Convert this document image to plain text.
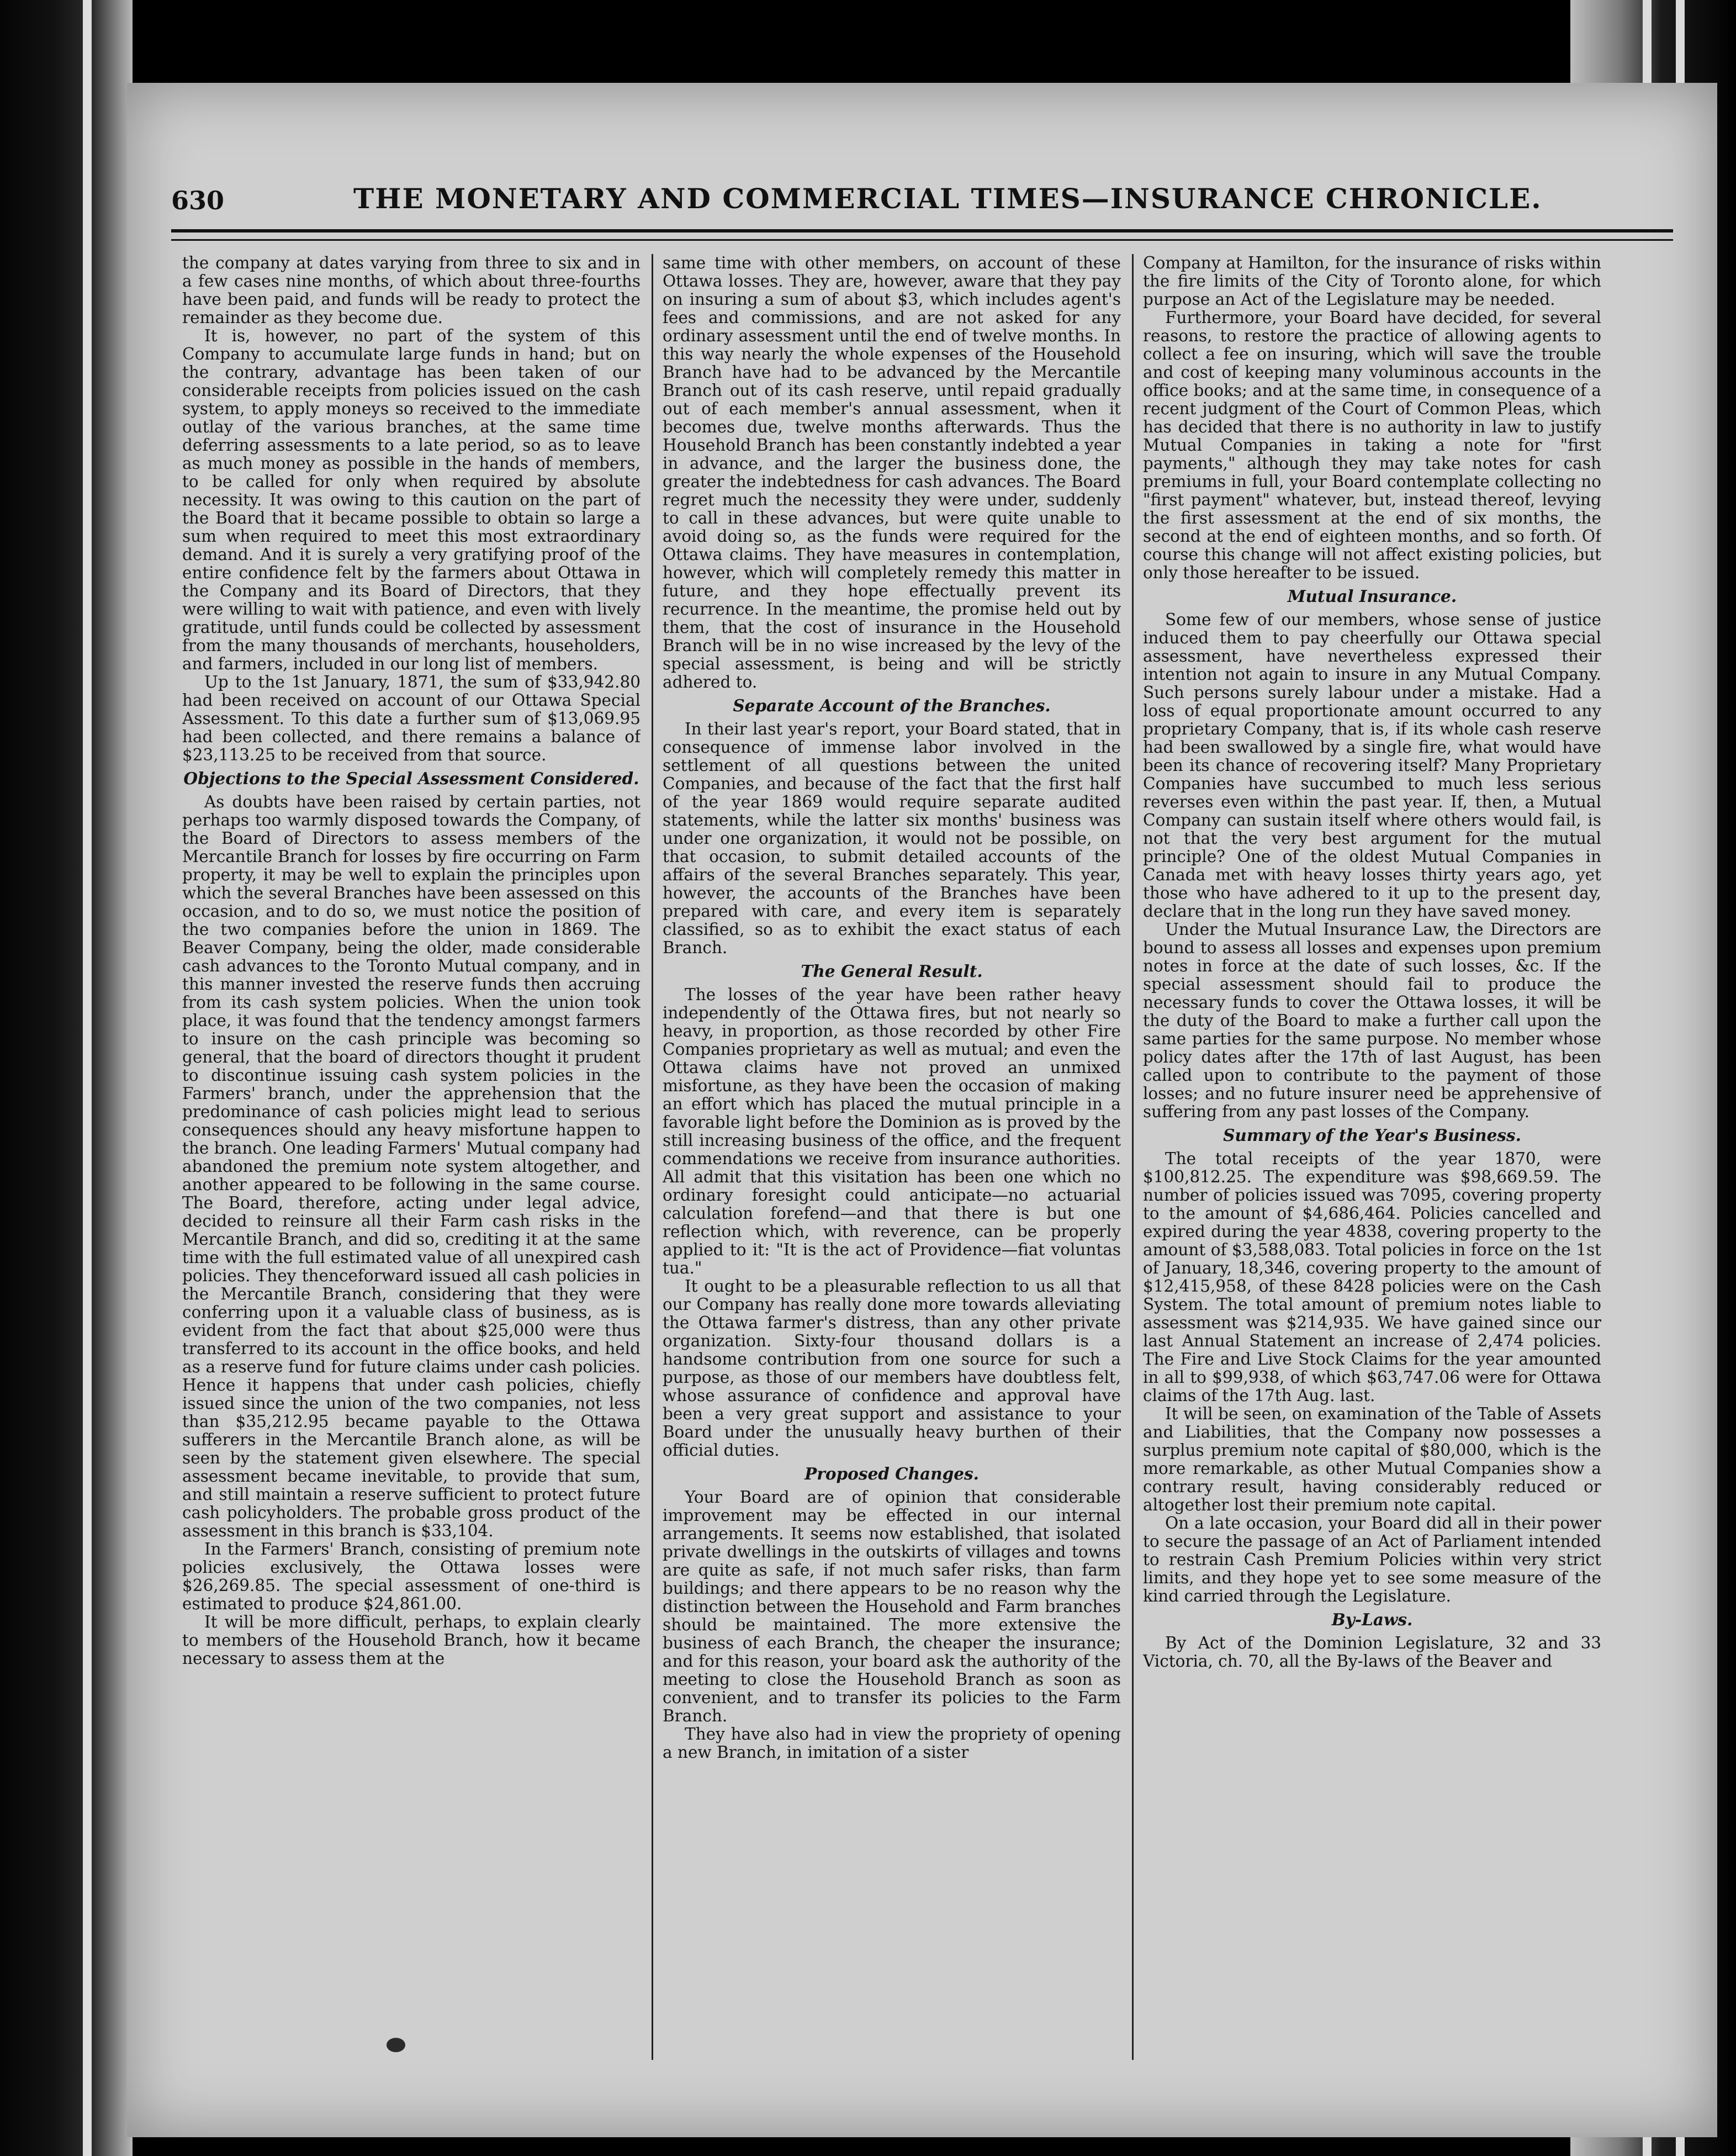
630	THE MONETARY AND COMMERCIAL TIMES—INSURANCE CHRONICLE.

the company at dates varying from three to six and in a few cases nine months, of which about three-fourths have been paid, and funds will be ready to protect the remainder as they become due.

It is, however, no part of the system of this Company to accumulate large funds in hand; but on the contrary, advantage has been taken of our considerable receipts from policies issued on the cash system, to apply moneys so received to the immediate outlay of the various branches, at the same time deferring assessments to a late period, so as to leave as much money as possible in the hands of members, to be called for only when required by absolute necessity. It was owing to this caution on the part of the Board that it became possible to obtain so large a sum when required to meet this most extraordinary demand. And it is surely a very gratifying proof of the entire confidence felt by the farmers about Ottawa in the Company and its Board of Directors, that they were willing to wait with patience, and even with lively gratitude, until funds could be collected by assessment from the many thousands of merchants, householders, and farmers, included in our long list of members.

Up to the 1st January, 1871, the sum of $33,942.80 had been received on account of our Ottawa Special Assessment. To this date a further sum of $13,069.95 had been collected, and there remains a balance of $23,113.25 to be received from that source.

Objections to the Special Assessment Considered.

As doubts have been raised by certain parties, not perhaps too warmly disposed towards the Company, of the Board of Directors to assess members of the Mercantile Branch for losses by fire occurring on Farm property, it may be well to explain the principles upon which the several Branches have been assessed on this occasion, and to do so, we must notice the position of the two companies before the union in 1869. The Beaver Company, being the older, made considerable cash advances to the Toronto Mutual company, and in this manner invested the reserve funds then accruing from its cash system policies. When the union took place, it was found that the tendency amongst farmers to insure on the cash principle was becoming so general, that the board of directors thought it prudent to discontinue issuing cash system policies in the Farmers' branch, under the apprehension that the predominance of cash policies might lead to serious consequences should any heavy misfortune happen to the branch. One leading Farmers' Mutual company had abandoned the premium note system altogether, and another appeared to be following in the same course. The Board, therefore, acting under legal advice, decided to reinsure all their Farm cash risks in the Mercantile Branch, and did so, crediting it at the same time with the full estimated value of all unexpired cash policies. They thenceforward issued all cash policies in the Mercantile Branch, considering that they were conferring upon it a valuable class of business, as is evident from the fact that about $25,000 were thus transferred to its account in the office books, and held as a reserve fund for future claims under cash policies. Hence it happens that under cash policies, chiefly issued since the union of the two companies, not less than $35,212.95 became payable to the Ottawa sufferers in the Mercantile Branch alone, as will be seen by the statement given elsewhere. The special assessment became inevitable, to provide that sum, and still maintain a reserve sufficient to protect future cash policyholders. The probable gross product of the assessment in this branch is $33,104.

In the Farmers' Branch, consisting of premium note policies exclusively, the Ottawa losses were $26,269.85. The special assessment of one-third is estimated to produce $24,861.00.

It will be more difficult, perhaps, to explain clearly to members of the Household Branch, how it became necessary to assess them at the

same time with other members, on account of these Ottawa losses. They are, however, aware that they pay on insuring a sum of about $3, which includes agent's fees and commissions, and are not asked for any ordinary assessment until the end of twelve months. In this way nearly the whole expenses of the Household Branch have had to be advanced by the Mercantile Branch out of its cash reserve, until repaid gradually out of each member's annual assessment, when it becomes due, twelve months afterwards. Thus the Household Branch has been constantly indebted a year in advance, and the larger the business done, the greater the indebtedness for cash advances. The Board regret much the necessity they were under, suddenly to call in these advances, but were quite unable to avoid doing so, as the funds were required for the Ottawa claims. They have measures in contemplation, however, which will completely remedy this matter in future, and they hope effectually prevent its recurrence. In the meantime, the promise held out by them, that the cost of insurance in the Household Branch will be in no wise increased by the levy of the special assessment, is being and will be strictly adhered to.

Separate Account of the Branches.

In their last year's report, your Board stated, that in consequence of immense labor involved in the settlement of all questions between the united Companies, and because of the fact that the first half of the year 1869 would require separate audited statements, while the latter six months' business was under one organization, it would not be possible, on that occasion, to submit detailed accounts of the affairs of the several Branches separately. This year, however, the accounts of the Branches have been prepared with care, and every item is separately classified, so as to exhibit the exact status of each Branch.

The General Result.

The losses of the year have been rather heavy independently of the Ottawa fires, but not nearly so heavy, in proportion, as those recorded by other Fire Companies proprietary as well as mutual; and even the Ottawa claims have not proved an unmixed misfortune, as they have been the occasion of making an effort which has placed the mutual principle in a favorable light before the Dominion as is proved by the still increasing business of the office, and the frequent commendations we receive from insurance authorities. All admit that this visitation has been one which no ordinary foresight could anticipate—no actuarial calculation forefend—and that there is but one reflection which, with reverence, can be properly applied to it: "It is the act of Providence—fiat voluntas tua."

It ought to be a pleasurable reflection to us all that our Company has really done more towards alleviating the Ottawa farmer's distress, than any other private organization. Sixty-four thousand dollars is a handsome contribution from one source for such a purpose, as those of our members have doubtless felt, whose assurance of confidence and approval have been a very great support and assistance to your Board under the unusually heavy burthen of their official duties.

Proposed Changes.

Your Board are of opinion that considerable improvement may be effected in our internal arrangements. It seems now established, that isolated private dwellings in the outskirts of villages and towns are quite as safe, if not much safer risks, than farm buildings; and there appears to be no reason why the distinction between the Household and Farm branches should be maintained. The more extensive the business of each Branch, the cheaper the insurance; and for this reason, your board ask the authority of the meeting to close the Household Branch as soon as convenient, and to transfer its policies to the Farm Branch.

They have also had in view the propriety of opening a new Branch, in imitation of a sister

Company at Hamilton, for the insurance of risks within the fire limits of the City of Toronto alone, for which purpose an Act of the Legislature may be needed.

Furthermore, your Board have decided, for several reasons, to restore the practice of allowing agents to collect a fee on insuring, which will save the trouble and cost of keeping many voluminous accounts in the office books; and at the same time, in consequence of a recent judgment of the Court of Common Pleas, which has decided that there is no authority in law to justify Mutual Companies in taking a note for "first payments," although they may take notes for cash premiums in full, your Board contemplate collecting no "first payment" whatever, but, instead thereof, levying the first assessment at the end of six months, the second at the end of eighteen months, and so forth. Of course this change will not affect existing policies, but only those hereafter to be issued.

Mutual Insurance.

Some few of our members, whose sense of justice induced them to pay cheerfully our Ottawa special assessment, have nevertheless expressed their intention not again to insure in any Mutual Company. Such persons surely labour under a mistake. Had a loss of equal proportionate amount occurred to any proprietary Company, that is, if its whole cash reserve had been swallowed by a single fire, what would have been its chance of recovering itself? Many Proprietary Companies have succumbed to much less serious reverses even within the past year. If, then, a Mutual Company can sustain itself where others would fail, is not that the very best argument for the mutual principle? One of the oldest Mutual Companies in Canada met with heavy losses thirty years ago, yet those who have adhered to it up to the present day, declare that in the long run they have saved money.

Under the Mutual Insurance Law, the Directors are bound to assess all losses and expenses upon premium notes in force at the date of such losses, &c. If the special assessment should fail to produce the necessary funds to cover the Ottawa losses, it will be the duty of the Board to make a further call upon the same parties for the same purpose. No member whose policy dates after the 17th of last August, has been called upon to contribute to the payment of those losses; and no future insurer need be apprehensive of suffering from any past losses of the Company.

Summary of the Year's Business.

The total receipts of the year 1870, were $100,812.25. The expenditure was $98,669.59. The number of policies issued was 7095, covering property to the amount of $4,686,464. Policies cancelled and expired during the year 4838, covering property to the amount of $3,588,083. Total policies in force on the 1st of January, 18,346, covering property to the amount of $12,415,958, of these 8428 policies were on the Cash System. The total amount of premium notes liable to assessment was $214,935. We have gained since our last Annual Statement an increase of 2,474 policies. The Fire and Live Stock Claims for the year amounted in all to $99,938, of which $63,747.06 were for Ottawa claims of the 17th Aug. last.

It will be seen, on examination of the Table of Assets and Liabilities, that the Company now possesses a surplus premium note capital of $80,000, which is the more remarkable, as other Mutual Companies show a contrary result, having considerably reduced or altogether lost their premium note capital.

On a late occasion, your Board did all in their power to secure the passage of an Act of Parliament intended to restrain Cash Premium Policies within very strict limits, and they hope yet to see some measure of the kind carried through the Legislature.

By-Laws.

By Act of the Dominion Legislature, 32 and 33 Victoria, ch. 70, all the By-laws of the Beaver and
